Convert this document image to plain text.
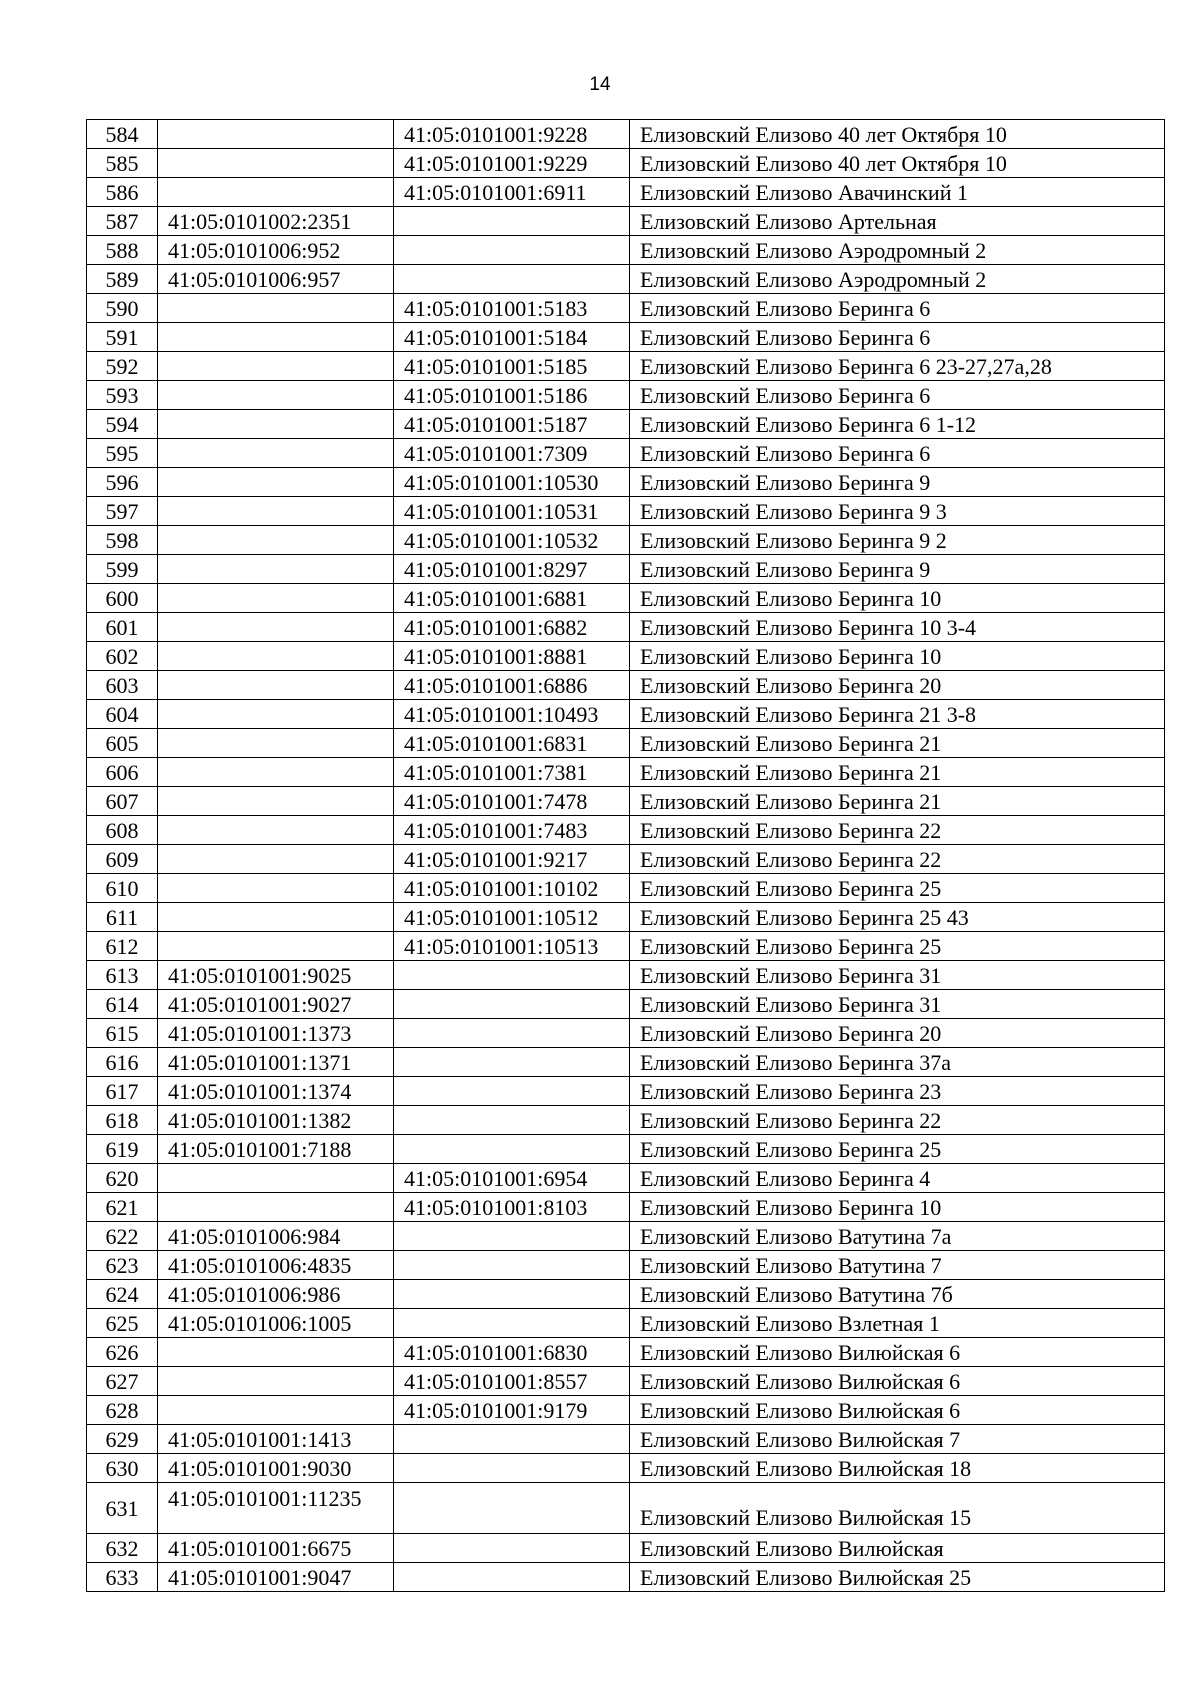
14
584		41:05:0101001:9228	Елизовский Елизово 40 лет Октября 10
585		41:05:0101001:9229	Елизовский Елизово 40 лет Октября 10
586		41:05:0101001:6911	Елизовский Елизово Авачинский 1
587	41:05:0101002:2351		Елизовский Елизово Артельная
588	41:05:0101006:952		Елизовский Елизово Аэродромный 2
589	41:05:0101006:957		Елизовский Елизово Аэродромный 2
590		41:05:0101001:5183	Елизовский Елизово Беринга 6
591		41:05:0101001:5184	Елизовский Елизово Беринга 6
592		41:05:0101001:5185	Елизовский Елизово Беринга 6 23-27,27а,28
593		41:05:0101001:5186	Елизовский Елизово Беринга 6
594		41:05:0101001:5187	Елизовский Елизово Беринга 6 1-12
595		41:05:0101001:7309	Елизовский Елизово Беринга 6
596		41:05:0101001:10530	Елизовский Елизово Беринга 9
597		41:05:0101001:10531	Елизовский Елизово Беринга 9 3
598		41:05:0101001:10532	Елизовский Елизово Беринга 9 2
599		41:05:0101001:8297	Елизовский Елизово Беринга 9
600		41:05:0101001:6881	Елизовский Елизово Беринга 10
601		41:05:0101001:6882	Елизовский Елизово Беринга 10 3-4
602		41:05:0101001:8881	Елизовский Елизово Беринга 10
603		41:05:0101001:6886	Елизовский Елизово Беринга 20
604		41:05:0101001:10493	Елизовский Елизово Беринга 21 3-8
605		41:05:0101001:6831	Елизовский Елизово Беринга 21
606		41:05:0101001:7381	Елизовский Елизово Беринга 21
607		41:05:0101001:7478	Елизовский Елизово Беринга 21
608		41:05:0101001:7483	Елизовский Елизово Беринга 22
609		41:05:0101001:9217	Елизовский Елизово Беринга 22
610		41:05:0101001:10102	Елизовский Елизово Беринга 25
611		41:05:0101001:10512	Елизовский Елизово Беринга 25 43
612		41:05:0101001:10513	Елизовский Елизово Беринга 25
613	41:05:0101001:9025		Елизовский Елизово Беринга 31
614	41:05:0101001:9027		Елизовский Елизово Беринга 31
615	41:05:0101001:1373		Елизовский Елизово Беринга 20
616	41:05:0101001:1371		Елизовский Елизово Беринга 37а
617	41:05:0101001:1374		Елизовский Елизово Беринга 23
618	41:05:0101001:1382		Елизовский Елизово Беринга 22
619	41:05:0101001:7188		Елизовский Елизово Беринга 25
620		41:05:0101001:6954	Елизовский Елизово Беринга 4
621		41:05:0101001:8103	Елизовский Елизово Беринга 10
622	41:05:0101006:984		Елизовский Елизово Ватутина 7а
623	41:05:0101006:4835		Елизовский Елизово Ватутина 7
624	41:05:0101006:986		Елизовский Елизово Ватутина 7б
625	41:05:0101006:1005		Елизовский Елизово Взлетная 1
626		41:05:0101001:6830	Елизовский Елизово Вилюйская 6
627		41:05:0101001:8557	Елизовский Елизово Вилюйская 6
628		41:05:0101001:9179	Елизовский Елизово Вилюйская 6
629	41:05:0101001:1413		Елизовский Елизово Вилюйская 7
630	41:05:0101001:9030		Елизовский Елизово Вилюйская 18
631	41:05:0101001:11235		Елизовский Елизово Вилюйская 15
632	41:05:0101001:6675		Елизовский Елизово Вилюйская
633	41:05:0101001:9047		Елизовский Елизово Вилюйская 25
